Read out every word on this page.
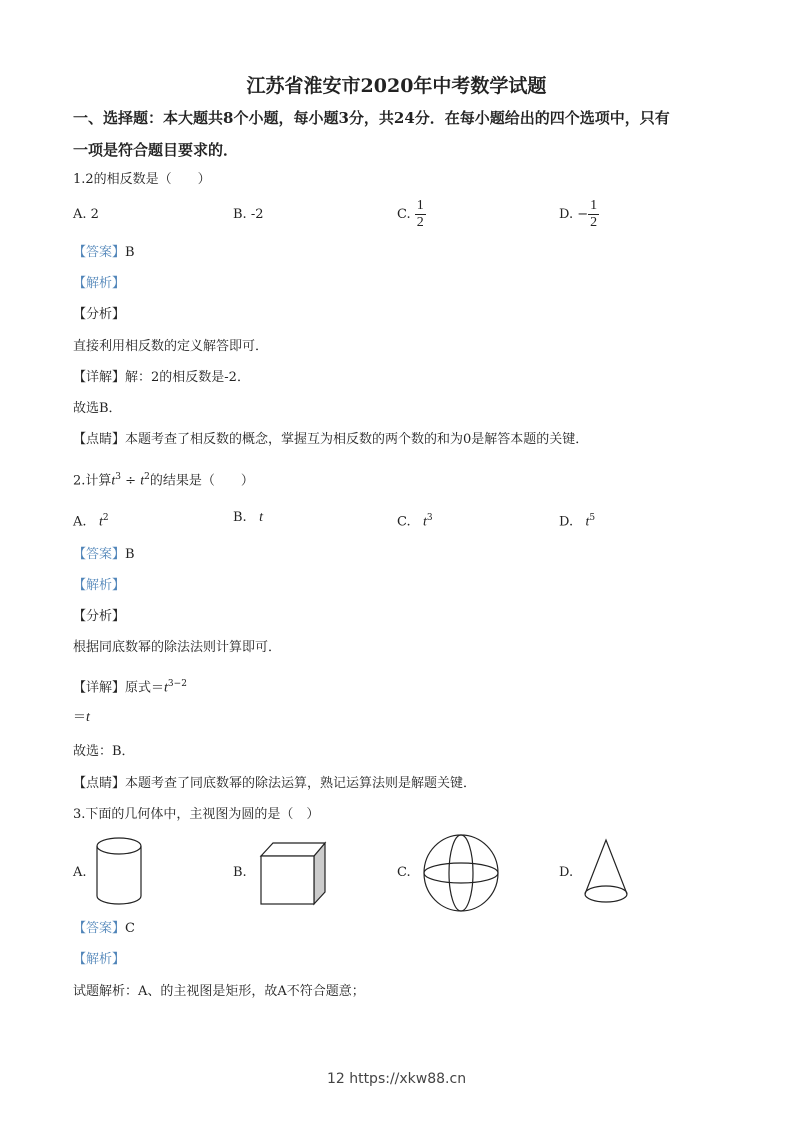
江苏省淮安市2020年中考数学试题
一、选择题：本大题共8个小题，每小题3分，共24分．在每小题给出的四个选项中，只有
一项是符合题目要求的．
1.2的相反数是（　　）
A. 2	B. -2	C. $\frac{1}{2}$	D. − $\frac{1}{2}$
【答案】B
【解析】
【分析】
直接利用相反数的定义解答即可．
【详解】解：2的相反数是-2．
故选B．
【点睛】本题考查了相反数的概念，掌握互为相反数的两个数的和为0是解答本题的关键．
2.计算$t^3 \div t^2$的结果是（　　）
A. $t^2$	B. t	C. $t^3$	D. $t^5$
【答案】B
【解析】
【分析】
根据同底数幂的除法法则计算即可．
【详解】原式$=t^{3-2}$
＝t
故选：B．
【点睛】本题考查了同底数幂的除法运算，熟记运算法则是解题关键．
3.下面的几何体中，主视图为圆的是（　）
A.	B.	C.	D.
【答案】C
【解析】
试题解析：A、的主视图是矩形，故A不符合题意；
12 https://xkw88.cn
